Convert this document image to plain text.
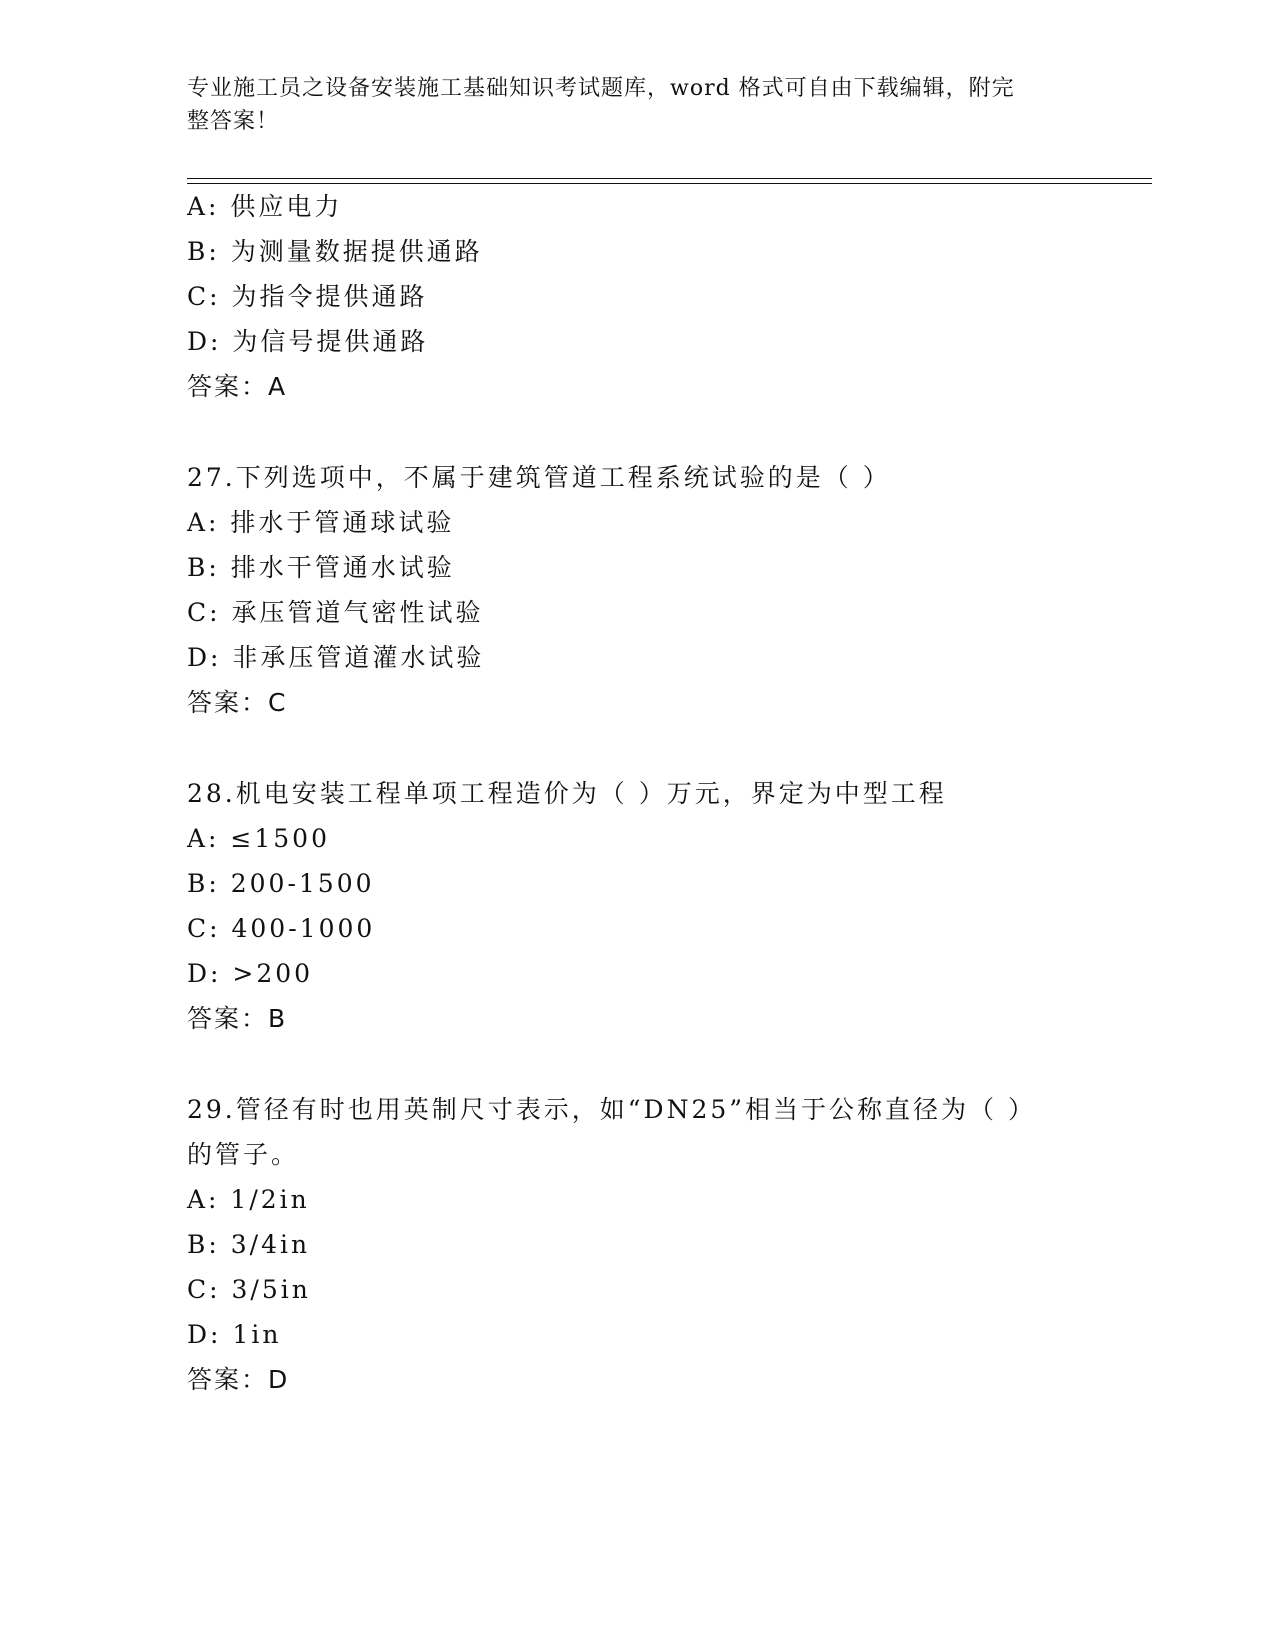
专业施工员之设备安装施工基础知识考试题库，word 格式可自由下载编辑，附完
整答案！
A: 供应电力
B: 为测量数据提供通路
C: 为指令提供通路
D: 为信号提供通路
答案：A
27.下列选项中，不属于建筑管道工程系统试验的是（ ）
A: 排水于管通球试验
B: 排水干管通水试验
C: 承压管道气密性试验
D: 非承压管道灌水试验
答案：C
28.机电安装工程单项工程造价为（ ）万元，界定为中型工程
A: ≤1500
B: 200-1500
C: 400-1000
D: >200
答案：B
29.管径有时也用英制尺寸表示，如“DN25”相当于公称直径为（ ）
的管子。
A: 1/2in
B: 3/4in
C: 3/5in
D: 1in
答案：D
